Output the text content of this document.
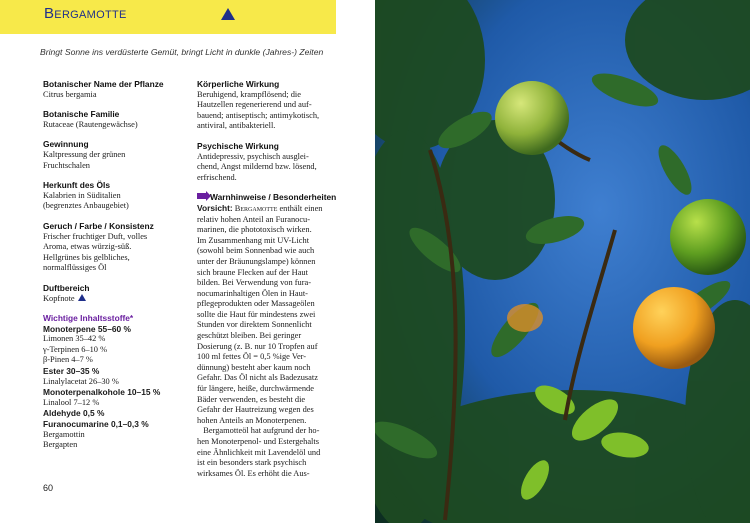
Bergamotte
Bringt Sonne ins verdüsterte Gemüt, bringt Licht in dunkle (Jahres-) Zeiten
Botanischer Name der Pflanze
Citrus bergamia
Botanische Familie
Rutaceae (Rautengewächse)
Gewinnung
Kaltpressung der grünen
Fruchtschalen
Herkunft des Öls
Kalabrien in Süditalien
(begrenztes Anbaugebiet)
Geruch / Farbe / Konsistenz
Frischer fruchtiger Duft, volles
Aroma, etwas würzig-süß.
Hellgrünes bis gelbliches,
normalflüssiges Öl
Duftbereich
Kopfnote
Wichtige Inhaltsstoffe*
Monoterpene 55–60 %
Limonen 35–42 %
γ-Terpinen 6–10 %
β-Pinen 4–7 %
Ester 30–35 %
Linalylacetat 26–30 %
Monoterpenalkohole 10–15 %
Linalool 7–12 %
Aldehyde 0,5 %
Furanocumarine 0,1–0,3 %
Bergamottin
Bergapten
Körperliche Wirkung
Beruhigend, krampflösend; die
Hautzellen regenerierend und auf-
bauend; antiseptisch; antimykotisch,
antiviral, antibakteriell.
Psychische Wirkung
Antidepressiv, psychisch ausglei-
chend, Angst mildernd bzw. lösend,
erfrischend.
Warnhinweise / Besonderheiten
Vorsicht: Bergamotte enthält einen
relativ hohen Anteil an Furanocu-
marinen, die phototoxisch wirken.
Im Zusammenhang mit UV-Licht
(sowohl beim Sonnenbad wie auch
unter der Bräunungslampe) können
sich braune Flecken auf der Haut
bilden. Bei Verwendung von fura-
nocumarinhaltigen Ölen in Haut-
pflegeprodukten oder Massageölen
sollte die Haut für mindestens zwei
Stunden vor direktem Sonnenlicht
geschützt bleiben. Bei geringer
Dosierung (z. B. nur 10 Tropfen auf
100 ml fettes Öl = 0,5 %ige Ver-
dünnung) besteht aber kaum noch
Gefahr. Das Öl nicht als Badezusatz
für längere, heiße, durchwärmende
Bäder verwenden, es besteht die
Gefahr der Hautreizung wegen des
hohen Anteils an Monoterpenen.
Bergamotteöl hat aufgrund der ho-
hen Monoterpenol- und Estergehalts
eine Ähnlichkeit mit Lavendelöl und
ist ein besonders stark psychisch
wirksames Öl. Es erhöht die Aus-
60
